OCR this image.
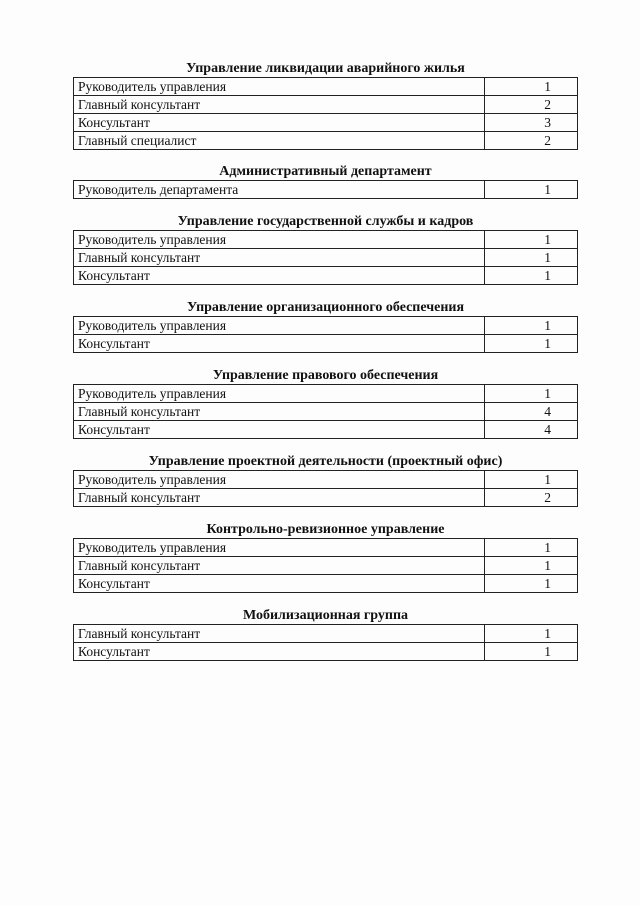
Управление ликвидации аварийного жилья
Руководитель управления	1
Главный консультант	2
Консультант	3
Главный специалист	2
Административный департамент
Руководитель департамента	1
Управление государственной службы и кадров
Руководитель управления	1
Главный консультант	1
Консультант	1
Управление организационного обеспечения
Руководитель управления	1
Консультант	1
Управление правового обеспечения
Руководитель управления	1
Главный консультант	4
Консультант	4
Управление проектной деятельности (проектный офис)
Руководитель управления	1
Главный консультант	2
Контрольно-ревизионное управление
Руководитель управления	1
Главный консультант	1
Консультант	1
Мобилизационная группа
Главный консультант	1
Консультант	1
